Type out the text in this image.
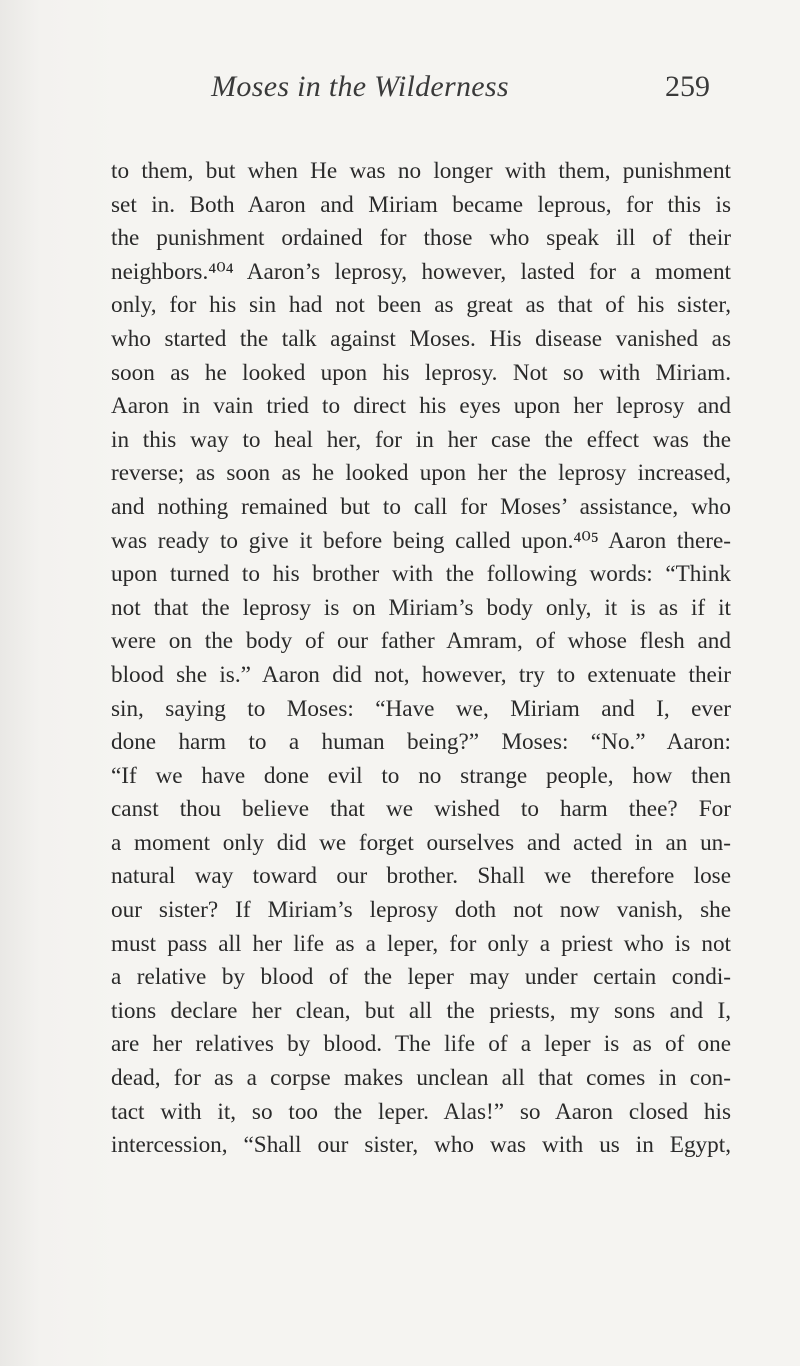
Moses in the Wilderness	259
to them, but when He was no longer with them, punishment
set in. Both Aaron and Miriam became leprous, for this is
the punishment ordained for those who speak ill of their
neighbors.⁴⁰⁴ Aaron’s leprosy, however, lasted for a moment
only, for his sin had not been as great as that of his sister,
who started the talk against Moses. His disease vanished as
soon as he looked upon his leprosy. Not so with Miriam.
Aaron in vain tried to direct his eyes upon her leprosy and
in this way to heal her, for in her case the effect was the
reverse; as soon as he looked upon her the leprosy increased,
and nothing remained but to call for Moses’ assistance, who
was ready to give it before being called upon.⁴⁰⁵ Aaron there-
upon turned to his brother with the following words: “Think
not that the leprosy is on Miriam’s body only, it is as if it
were on the body of our father Amram, of whose flesh and
blood she is.” Aaron did not, however, try to extenuate their
sin, saying to Moses: “Have we, Miriam and I, ever
done harm to a human being?” Moses: “No.” Aaron:
“If we have done evil to no strange people, how then
canst thou believe that we wished to harm thee? For
a moment only did we forget ourselves and acted in an un-
natural way toward our brother. Shall we therefore lose
our sister? If Miriam’s leprosy doth not now vanish, she
must pass all her life as a leper, for only a priest who is not
a relative by blood of the leper may under certain condi-
tions declare her clean, but all the priests, my sons and I,
are her relatives by blood. The life of a leper is as of one
dead, for as a corpse makes unclean all that comes in con-
tact with it, so too the leper. Alas!” so Aaron closed his
intercession, “Shall our sister, who was with us in Egypt,
